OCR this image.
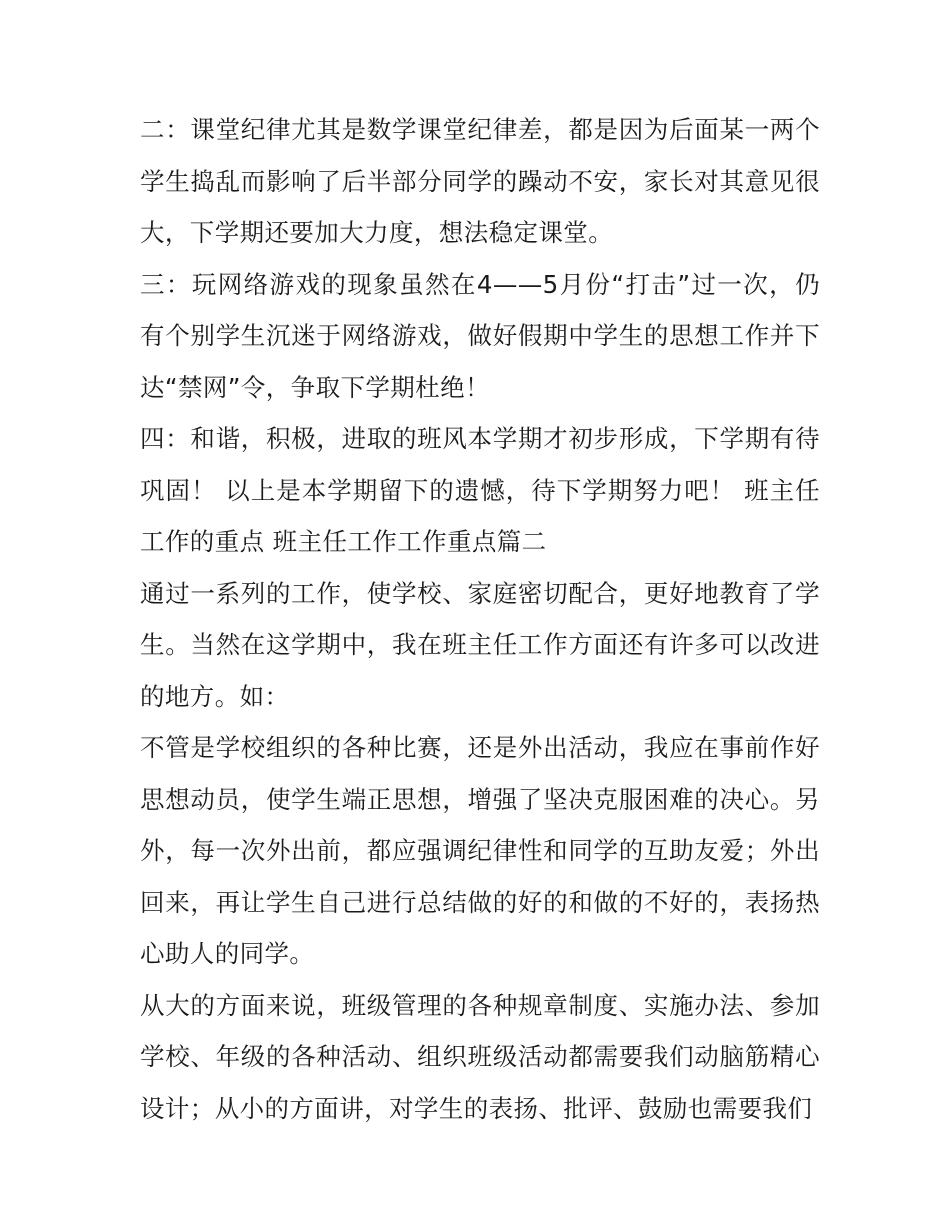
二：课堂纪律尤其是数学课堂纪律差，都是因为后面某一两个学生捣乱而影响了后半部分同学的躁动不安，家长对其意见很大，下学期还要加大力度，想法稳定课堂。

三：玩网络游戏的现象虽然在4——5月份“打击”过一次，仍有个别学生沉迷于网络游戏，做好假期中学生的思想工作并下达“禁网”令，争取下学期杜绝！

四：和谐，积极，进取的班风本学期才初步形成，下学期有待巩固！ 以上是本学期留下的遗憾，待下学期努力吧！ 班主任工作的重点 班主任工作工作重点篇二

通过一系列的工作，使学校、家庭密切配合，更好地教育了学生。当然在这学期中，我在班主任工作方面还有许多可以改进的地方。如：

不管是学校组织的各种比赛，还是外出活动，我应在事前作好思想动员，使学生端正思想，增强了坚决克服困难的决心。另外，每一次外出前，都应强调纪律性和同学的互助友爱；外出回来，再让学生自己进行总结做的好的和做的不好的，表扬热心助人的同学。

从大的方面来说，班级管理的各种规章制度、实施办法、参加学校、年级的各种活动、组织班级活动都需要我们动脑筋精心设计；从小的方面讲，对学生的表扬、批评、鼓励也需要我们
